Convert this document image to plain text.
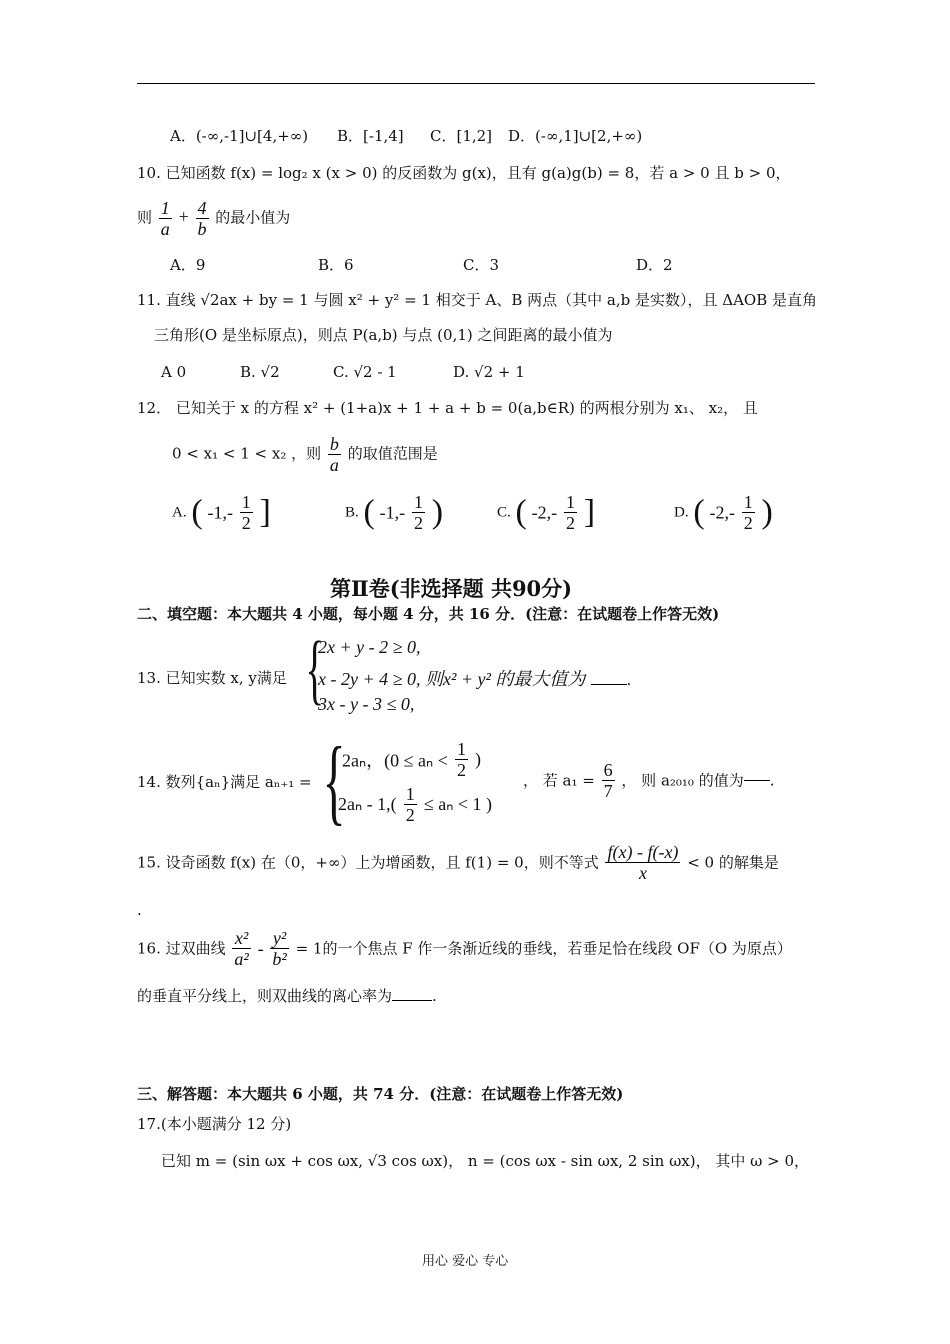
A．(-∞,-1]∪[4,+∞) B．[-1,4] C．[1,2] D．(-∞,1]∪[2,+∞)
10. 已知函数 f(x) = log₂ x (x > 0) 的反函数为 g(x)，且有 g(a)g(b) = 8，若 a > 0 且 b > 0，
则 $\frac{1}{a} + \frac{4}{b}$ 的最小值为
A．9	B．6	C．3	D．2
11. 直线 √2ax + by = 1 与圆 x² + y² = 1 相交于 A、B 两点（其中 a,b 是实数），且 ΔAOB 是直角
三角形(O 是坐标原点)，则点 P(a,b) 与点 (0,1) 之间距离的最小值为
A 0	B. √2	C. √2 - 1	D. √2 + 1
12． 已知关于 x 的方程 x² + (1+a)x + 1 + a + b = 0(a,b∈R) 的两根分别为 x₁、 x₂， 且
0 < x₁ < 1 < x₂ ，则 $\frac{b}{a}$ 的取值范围是
A. ( $-1,- \frac{1}{2}$ ]	B. ( $-1,- \frac{1}{2}$ )	C. ( $-2,- \frac{1}{2}$ ]	D. ( $-2,- \frac{1}{2}$ )
第Ⅱ卷(非选择题 共90分)
二、填空题：本大题共 4 小题，每小题 4 分，共 16 分．(注意：在试题卷上作答无效)
13. 已知实数 x, y满足 {
2x + y - 2 ≥ 0,
x - 2y + 4 ≥ 0, 则x² + y² 的最大值为	.
3x - y - 3 ≤ 0,
14. 数列{aₙ}满足 aₙ₊₁ = {
2aₙ，($0 \le a_n < \frac{1}{2}$ )
$2a_n - 1,( \frac{1}{2} \le a_n < 1$ )
， 若 $a_1 = \frac{6}{7}$ ， 则 a₂₀₁₀ 的值为 .
15. 设奇函数 f(x) 在（0，+∞）上为增函数，且 f(1) = 0，则不等式 $\frac{f(x) - f(-x)}{x} < 0$ 的解集是
.
16. 过双曲线 $\frac{\text{x²}}{\text{a²}} - \frac{\text{y²}}{\text{b²}} = 1$的一个焦点 F 作一条渐近线的垂线，若垂足恰在线段 OF（O 为原点）
的垂直平分线上，则双曲线的离心率为	.
三、解答题：本大题共 6 小题，共 74 分．(注意：在试题卷上作答无效)
17.(本小题满分 12 分)
已知 m = (sin ωx + cos ωx, √3 cos ωx)， n = (cos ωx - sin ωx, 2 sin ωx)， 其中 ω > 0，
用心 爱心 专心
